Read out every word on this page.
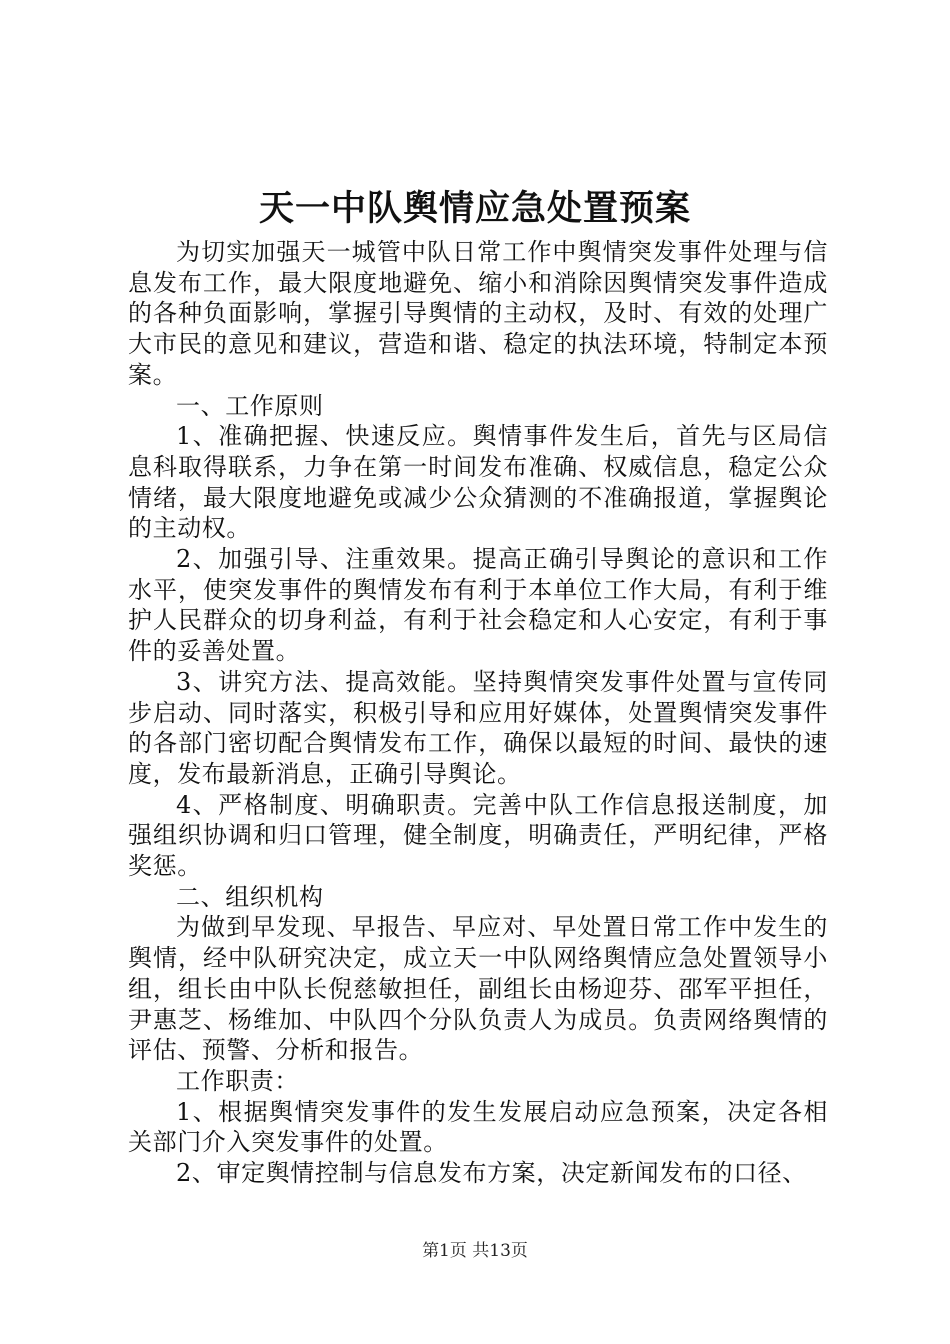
天一中队舆情应急处置预案

为切实加强天一城管中队日常工作中舆情突发事件处理与信息发布工作，最大限度地避免、缩小和消除因舆情突发事件造成的各种负面影响，掌握引导舆情的主动权，及时、有效的处理广大市民的意见和建议，营造和谐、稳定的执法环境，特制定本预案。

一、工作原则

1、准确把握、快速反应。舆情事件发生后，首先与区局信息科取得联系，力争在第一时间发布准确、权威信息，稳定公众情绪，最大限度地避免或减少公众猜测的不准确报道，掌握舆论的主动权。

2、加强引导、注重效果。提高正确引导舆论的意识和工作水平，使突发事件的舆情发布有利于本单位工作大局，有利于维护人民群众的切身利益，有利于社会稳定和人心安定，有利于事件的妥善处置。

3、讲究方法、提高效能。坚持舆情突发事件处置与宣传同步启动、同时落实，积极引导和应用好媒体，处置舆情突发事件的各部门密切配合舆情发布工作，确保以最短的时间、最快的速度，发布最新消息，正确引导舆论。

4、严格制度、明确职责。完善中队工作信息报送制度，加强组织协调和归口管理，健全制度，明确责任，严明纪律，严格奖惩。

二、组织机构

为做到早发现、早报告、早应对、早处置日常工作中发生的舆情，经中队研究决定，成立天一中队网络舆情应急处置领导小组，组长由中队长倪慈敏担任，副组长由杨迎芬、邵军平担任，尹惠芝、杨维加、中队四个分队负责人为成员。负责网络舆情的评估、预警、分析和报告。

工作职责：

1、根据舆情突发事件的发生发展启动应急预案，决定各相关部门介入突发事件的处置。

2、审定舆情控制与信息发布方案，决定新闻发布的口径、

第1页 共13页
